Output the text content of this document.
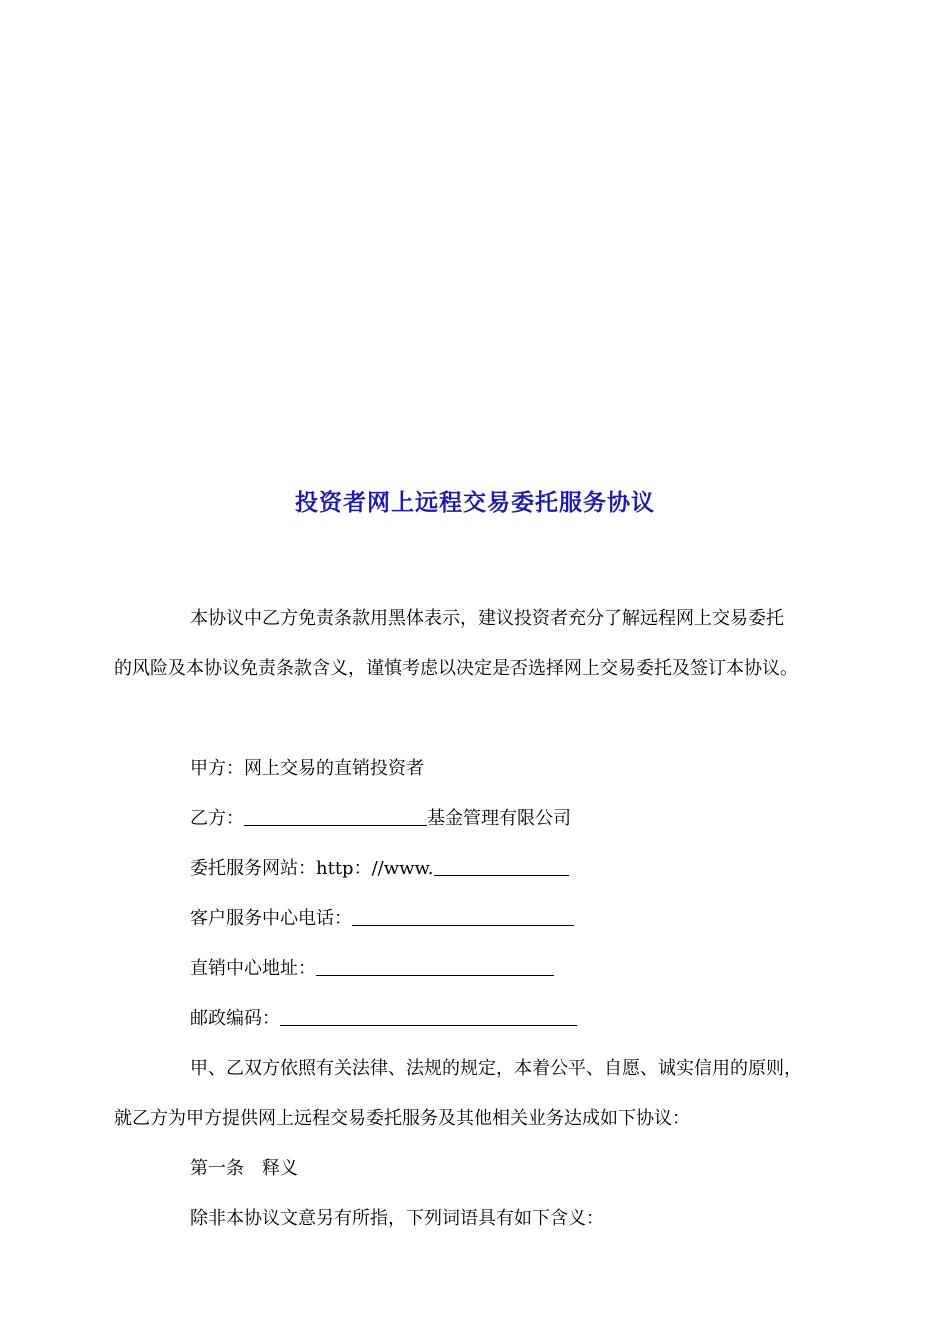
投资者网上远程交易委托服务协议
本协议中乙方免责条款用黑体表示，建议投资者充分了解远程网上交易委托
的风险及本协议免责条款含义，谨慎考虑以决定是否选择网上交易委托及签订本协议。
甲方：网上交易的直销投资者
乙方：	基金管理有限公司
委托服务网站：http：//www.
客户服务中心电话：
直销中心地址：
邮政编码：
甲、乙双方依照有关法律、法规的规定，本着公平、自愿、诚实信用的原则，
就乙方为甲方提供网上远程交易委托服务及其他相关业务达成如下协议：
第一条　释义
除非本协议文意另有所指，下列词语具有如下含义：
